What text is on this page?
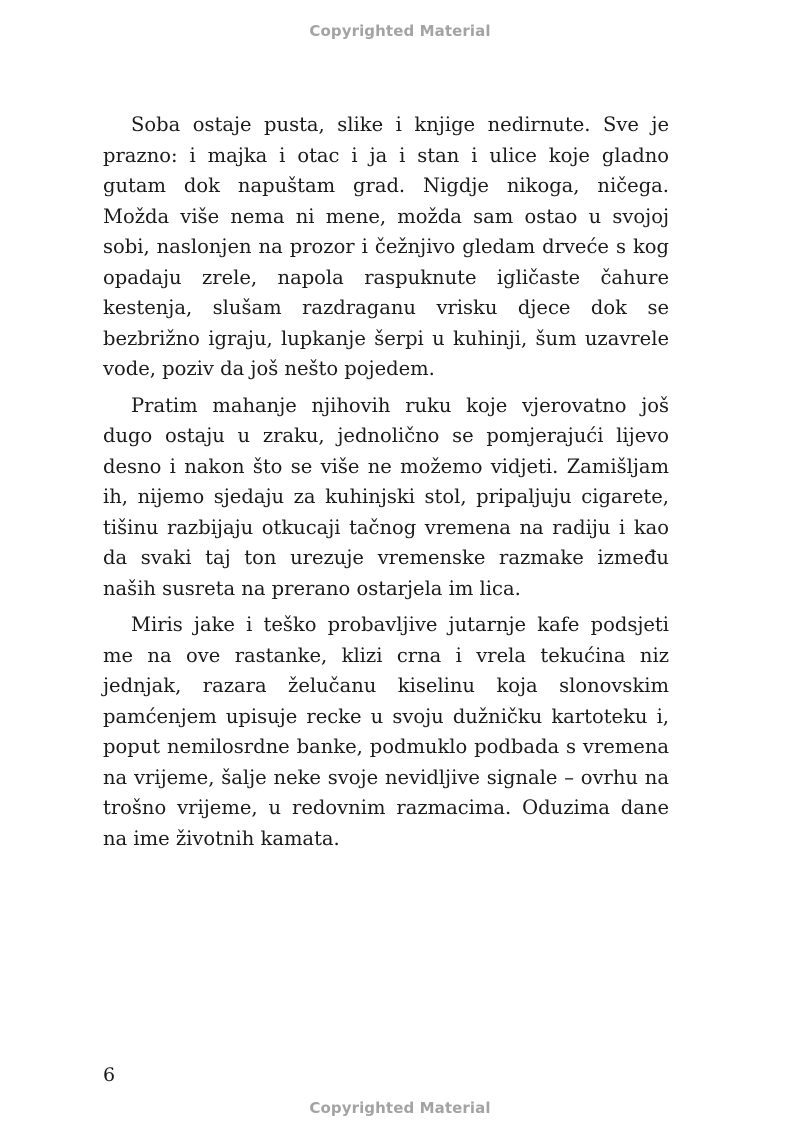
Copyrighted Material

Soba ostaje pusta, slike i knjige nedirnute. Sve je prazno: i majka i otac i ja i stan i ulice koje gladno gutam dok napuštam grad. Nigdje nikoga, ničega. Možda više nema ni mene, možda sam ostao u svojoj sobi, naslonjen na prozor i čežnjivo gledam drveće s kog opadaju zrele, napola raspuknute igličaste čahure kestenja, slušam razdraganu vrisku djece dok se bezbrižno igraju, lupkanje šerpi u kuhinji, šum uzavrele vode, poziv da još nešto pojedem.

Pratim mahanje njihovih ruku koje vjerovatno još dugo ostaju u zraku, jednolično se pomjerajući lijevo desno i nakon što se više ne možemo vidjeti. Zamišljam ih, nijemo sjedaju za kuhinjski stol, pripaljuju cigarete, tišinu razbijaju otkucaji tačnog vremena na radiju i kao da svaki taj ton urezuje vremenske razmake između naših susreta na prerano ostarjela im lica.

Miris jake i teško probavljive jutarnje kafe podsjeti me na ove rastanke, klizi crna i vrela tekućina niz jednjak, razara želučanu kiselinu koja slonovskim pamćenjem upisuje recke u svoju dužničku kartoteku i, poput nemilosrdne banke, podmuklo podbada s vremena na vrijeme, šalje neke svoje nevidljive signale – ovrhu na trošno vrijeme, u redovnim razmacima. Oduzima dane na ime životnih kamata.

6
Copyrighted Material
